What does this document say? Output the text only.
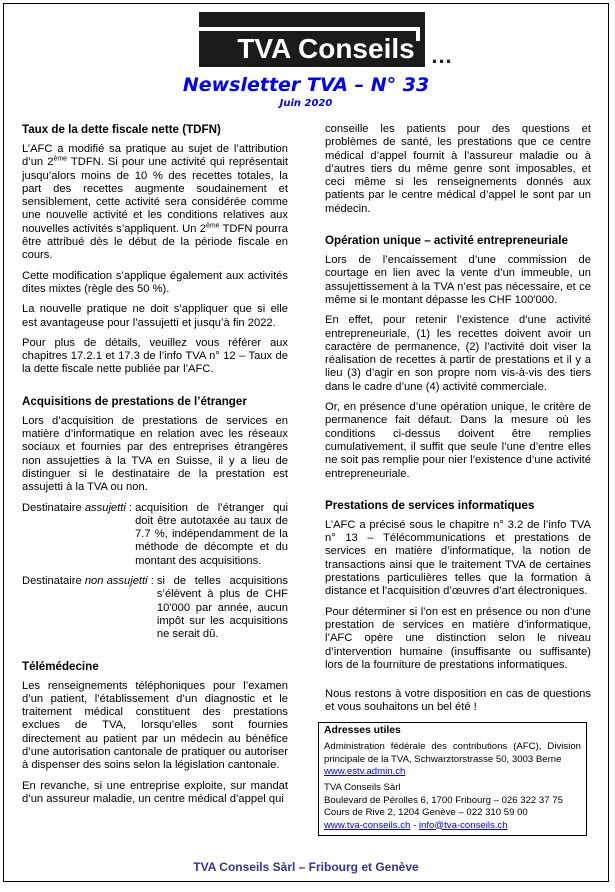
TVA Conseils ...
Newsletter TVA – N° 33
Juin 2020
Taux de la dette fiscale nette (TDFN)
L’AFC a modifié sa pratique au sujet de l’attribution d’un 2ème TDFN. Si pour une activité qui représentait jusqu’alors moins de 10 % des recettes totales, la part des recettes augmente soudainement et sensiblement, cette activité sera considérée comme une nouvelle activité et les conditions relatives aux nouvelles activités s’appliquent. Un 2ème TDFN pourra être attribué dès le début de la période fiscale en cours.
Cette modification s’applique également aux activités dites mixtes (règle des 50 %).
La nouvelle pratique ne doit s’appliquer que si elle est avantageuse pour l’assujetti et jusqu’à fin 2022.
Pour plus de détails, veuillez vous référer aux chapitres 17.2.1 et 17.3 de l’info TVA n° 12 – Taux de la dette fiscale nette publiée par l’AFC.
Acquisitions de prestations de l’étranger
Lors d’acquisition de prestations de services en matière d’informatique en relation avec les réseaux sociaux et fournies par des entreprises étrangères non assujetties à la TVA en Suisse, il y a lieu de distinguer si le destinataire de la prestation est assujetti à la TVA ou non.
Destinataire assujetti : acquisition de l’étranger qui doit être autotaxée au taux de 7.7 %, indépendamment de la méthode de décompte et du montant des acquisitions.
Destinataire non assujetti : si de telles acquisitions s’élèvent à plus de CHF 10'000 par année, aucun impôt sur les acquisitions ne serait dû.
Télémédecine
Les renseignements téléphoniques pour l’examen d’un patient, l’établissement d’un diagnostic et le traitement médical constituent des prestations exclues de TVA, lorsqu’elles sont fournies directement au patient par un médecin au bénéfice d’une autorisation cantonale de pratiquer ou autoriser à dispenser des soins selon la législation cantonale.
En revanche, si une entreprise exploite, sur mandat d’un assureur maladie, un centre médical d’appel qui
conseille les patients pour des questions et problèmes de santé, les prestations que ce centre médical d’appel fournit à l’assureur maladie ou à d’autres tiers du même genre sont imposables, et ceci même si les renseignements donnés aux patients par le centre médical d’appel le sont par un médecin.
Opération unique – activité entrepreneuriale
Lors de l’encaissement d’une commission de courtage en lien avec la vente d’un immeuble, un assujettissement à la TVA n’est pas nécessaire, et ce même si le montant dépasse les CHF 100'000.
En effet, pour retenir l’existence d’une activité entrepreneuriale, (1) les recettes doivent avoir un caractère de permanence, (2) l’activité doit viser la réalisation de recettes à partir de prestations et il y a lieu (3) d’agir en son propre nom vis-à-vis des tiers dans le cadre d’une (4) activité commerciale.
Or, en présence d’une opération unique, le critère de permanence fait défaut. Dans la mesure où les conditions ci-dessus doivent être remplies cumulativement, il suffit que seule l’une d’entre elles ne soit pas remplie pour nier l’existence d’une activité entrepreneuriale.
Prestations de services informatiques
L’AFC a précisé sous le chapitre n° 3.2 de l’info TVA n° 13 – Télécommunications et prestations de services en matière d’informatique, la notion de transactions ainsi que le traitement TVA de certaines prestations particulières telles que la formation à distance et l’acquisition d’œuvres d’art électroniques.
Pour déterminer si l’on est en présence ou non d’une prestation de services en matière d’informatique, l’AFC opère une distinction selon le niveau d’intervention humaine (insuffisante ou suffisante) lors de la fourniture de prestations informatiques.
Nous restons à votre disposition en cas de questions et vous souhaitons un bel été !

Adresses utiles

Administration fédérale des contributions (AFC), Division principale de la TVA, Schwarztorstrasse 50, 3003 Berne
www.estv.admin.ch

TVA Conseils Sàrl
Boulevard de Pérolles 6, 1700 Fribourg – 026 322 37 75
Cours de Rive 2, 1204 Genève – 022 310 59 00
www.tva-conseils.ch - info@tva-conseils.ch

TVA Conseils Sàrl – Fribourg et Genève
